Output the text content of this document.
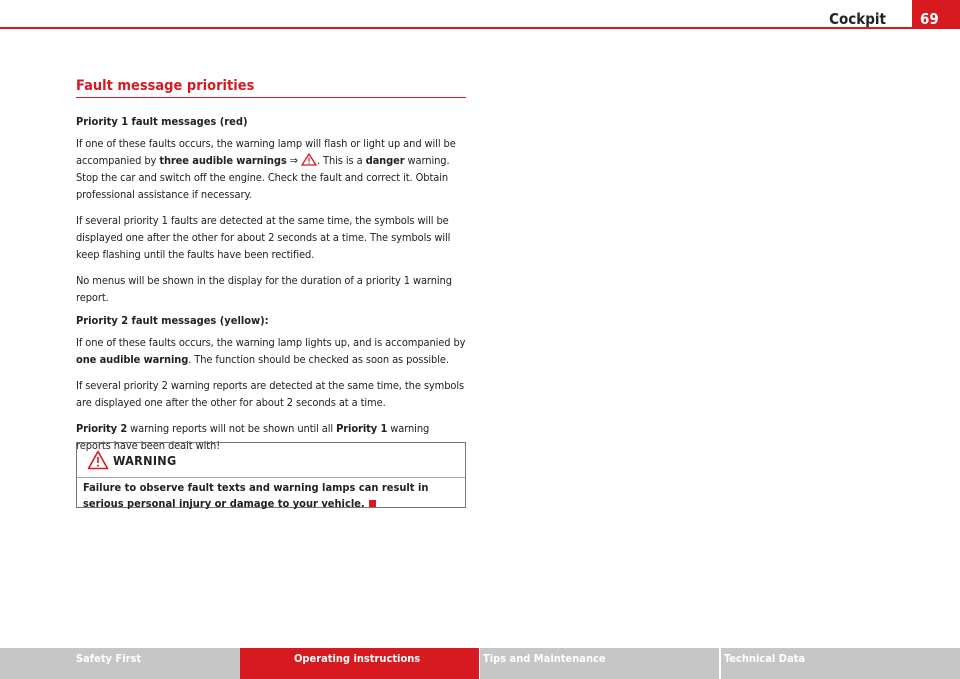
Cockpit	69
Fault message priorities
Priority 1 fault messages (red)

If one of these faults occurs, the warning lamp will flash or light up and will be accompanied by three audible warnings ⇒ . This is a danger warning. Stop the car and switch off the engine. Check the fault and correct it. Obtain professional assistance if necessary.

If several priority 1 faults are detected at the same time, the symbols will be displayed one after the other for about 2 seconds at a time. The symbols will keep flashing until the faults have been rectified.

No menus will be shown in the display for the duration of a priority 1 warning report.

Priority 2 fault messages (yellow):

If one of these faults occurs, the warning lamp lights up, and is accompanied by one audible warning. The function should be checked as soon as possible.

If several priority 2 warning reports are detected at the same time, the symbols are displayed one after the other for about 2 seconds at a time.

Priority 2 warning reports will not be shown until all Priority 1 warning reports have been dealt with!

WARNING
Failure to observe fault texts and warning lamps can result in serious personal injury or damage to your vehicle.
Safety First	Operating instructions	Tips and Maintenance	Technical Data
